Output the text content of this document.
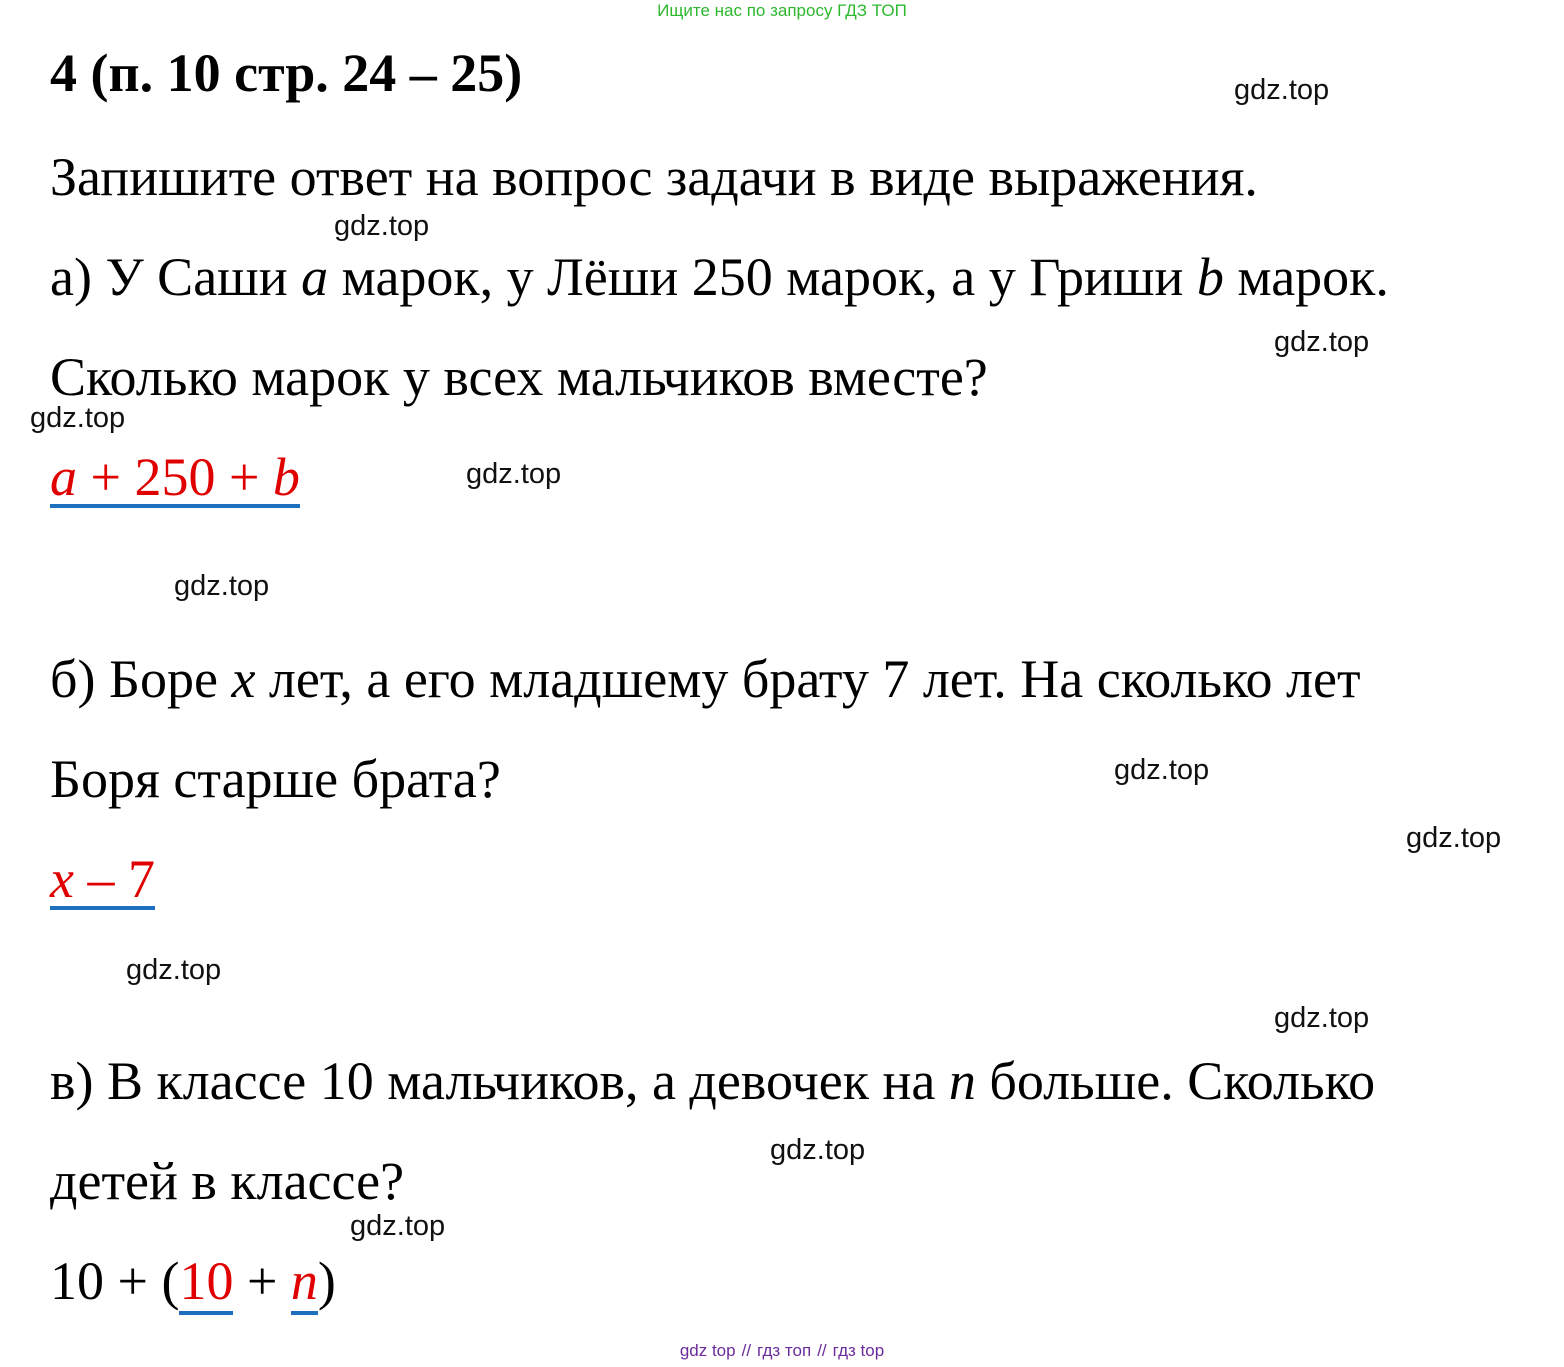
Ищите нас по запросу ГДЗ ТОП
4 (п. 10 стр. 24 – 25)

Запишите ответ на вопрос задачи в виде выражения.

а) У Саши a марок, у Лёши 250 марок, а у Гриши b марок.

Сколько марок у всех мальчиков вместе?

a + 250 + b

б) Боре x лет, а его младшему брату 7 лет. На сколько лет

Боря старше брата?

x – 7

в) В классе 10 мальчиков, а девочек на n больше. Сколько

детей в классе?

10 + (10 + n)
gdz.top
gdz.top
gdz.top
gdz.top
gdz.top
gdz.top
gdz.top
gdz.top
gdz.top
gdz.top
gdz.top
gdz.top
gdz top // гдз топ // гдз top
